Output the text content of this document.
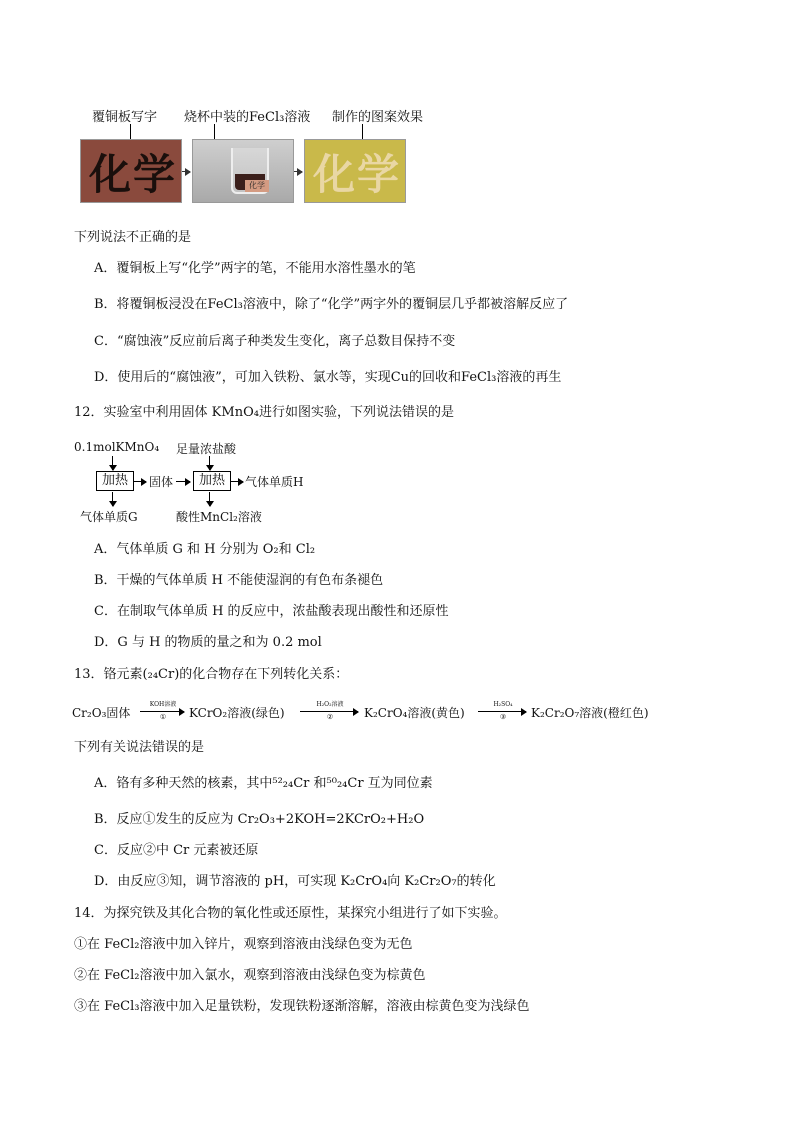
覆铜板写字 烧杯中装的FeCl₃溶液 制作的图案效果
化学	化学 化学
下列说法不正确的是
A．覆铜板上写“化学”两字的笔，不能用水溶性墨水的笔
B．将覆铜板浸没在FeCl₃溶液中，除了“化学”两字外的覆铜层几乎都被溶解反应了
C．“腐蚀液”反应前后离子种类发生变化，离子总数目保持不变
D．使用后的“腐蚀液”，可加入铁粉、氯水等，实现Cu的回收和FeCl₃溶液的再生
12．实验室中利用固体 KMnO₄进行如图实验，下列说法错误的是
0.1molKMnO₄ 足量浓盐酸
加热	固体	加热	气体单质H
气体单质G	酸性MnCl₂溶液
A．气体单质 G 和 H 分别为 O₂和 Cl₂
B．干燥的气体单质 H 不能使湿润的有色布条褪色
C．在制取气体单质 H 的反应中，浓盐酸表现出酸性和还原性
D．G 与 H 的物质的量之和为 0.2 mol
13．铬元素(₂₄Cr)的化合物存在下列转化关系：
Cr₂O₃固体
KOH溶液
①	KCrO₂溶液(绿色)
H₂O₂溶液
②	K₂CrO₄溶液(黄色)
H₂SO₄
③	K₂Cr₂O₇溶液(橙红色)
下列有关说法错误的是
A．铬有多种天然的核素，其中⁵²₂₄Cr 和⁵⁰₂₄Cr 互为同位素
B．反应①发生的反应为 Cr₂O₃+2KOH=2KCrO₂+H₂O
C．反应②中 Cr 元素被还原
D．由反应③知，调节溶液的 pH，可实现 K₂CrO₄向 K₂Cr₂O₇的转化
14．为探究铁及其化合物的氧化性或还原性，某探究小组进行了如下实验。
①在 FeCl₂溶液中加入锌片，观察到溶液由浅绿色变为无色
②在 FeCl₂溶液中加入氯水，观察到溶液由浅绿色变为棕黄色
③在 FeCl₃溶液中加入足量铁粉，发现铁粉逐渐溶解，溶液由棕黄色变为浅绿色
